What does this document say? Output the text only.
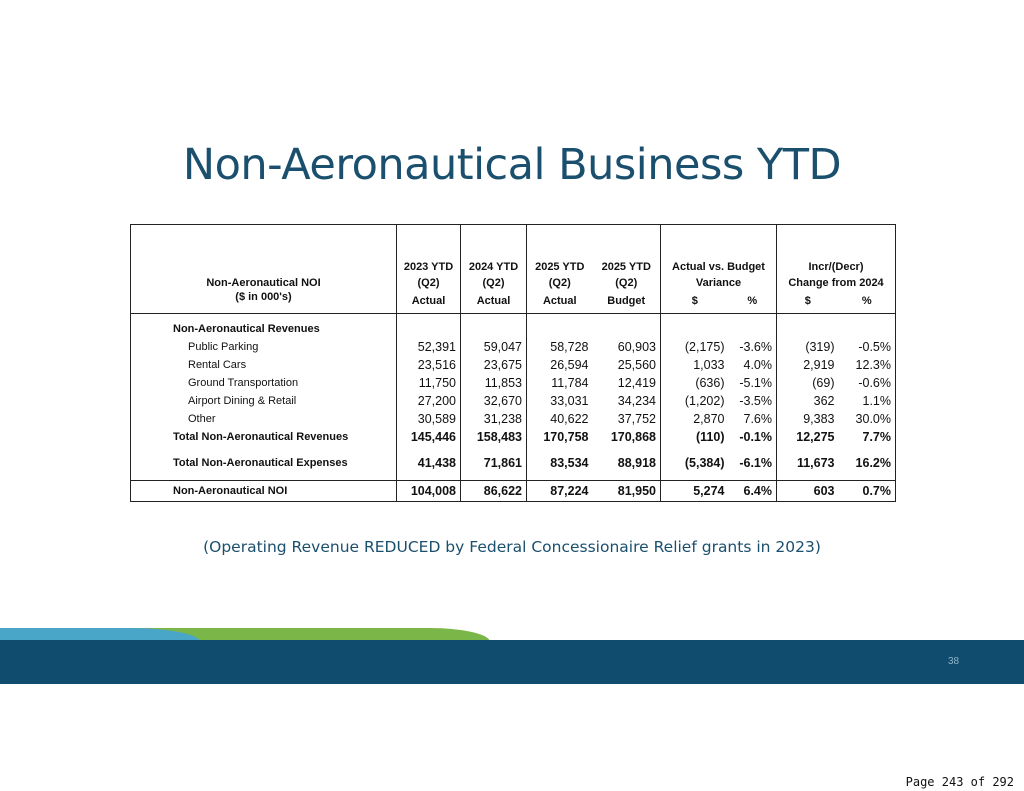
Non-Aeronautical Business YTD

	2023 YTD	2024 YTD	2025 YTD	2025 YTD	Actual vs. Budget		Incr/(Decr)	
Non-Aeronautical NOI	(Q2)	(Q2)	(Q2)	(Q2)	Variance		Change from 2024	
($ in 000's)	Actual	Actual	Actual	Budget	$	%	$	%
Non-Aeronautical Revenues								
Public Parking	52,391	59,047	58,728	60,903	(2,175)	-3.6%	(319)	-0.5%
Rental Cars	23,516	23,675	26,594	25,560	1,033	4.0%	2,919	12.3%
Ground Transportation	11,750	11,853	11,784	12,419	(636)	-5.1%	(69)	-0.6%
Airport Dining & Retail	27,200	32,670	33,031	34,234	(1,202)	-3.5%	362	1.1%
Other	30,589	31,238	40,622	37,752	2,870	7.6%	9,383	30.0%
Total Non-Aeronautical Revenues	145,446	158,483	170,758	170,868	(110)	-0.1%	12,275	7.7%

Total Non-Aeronautical Expenses	41,438	71,861	83,534	88,918	(5,384)	-6.1%	11,673	16.2%

Non-Aeronautical NOI	104,008	86,622	87,224	81,950	5,274	6.4%	603	0.7%
(Operating Revenue REDUCED by Federal Concessionaire Relief grants in 2023)
38
Page 243 of 292
